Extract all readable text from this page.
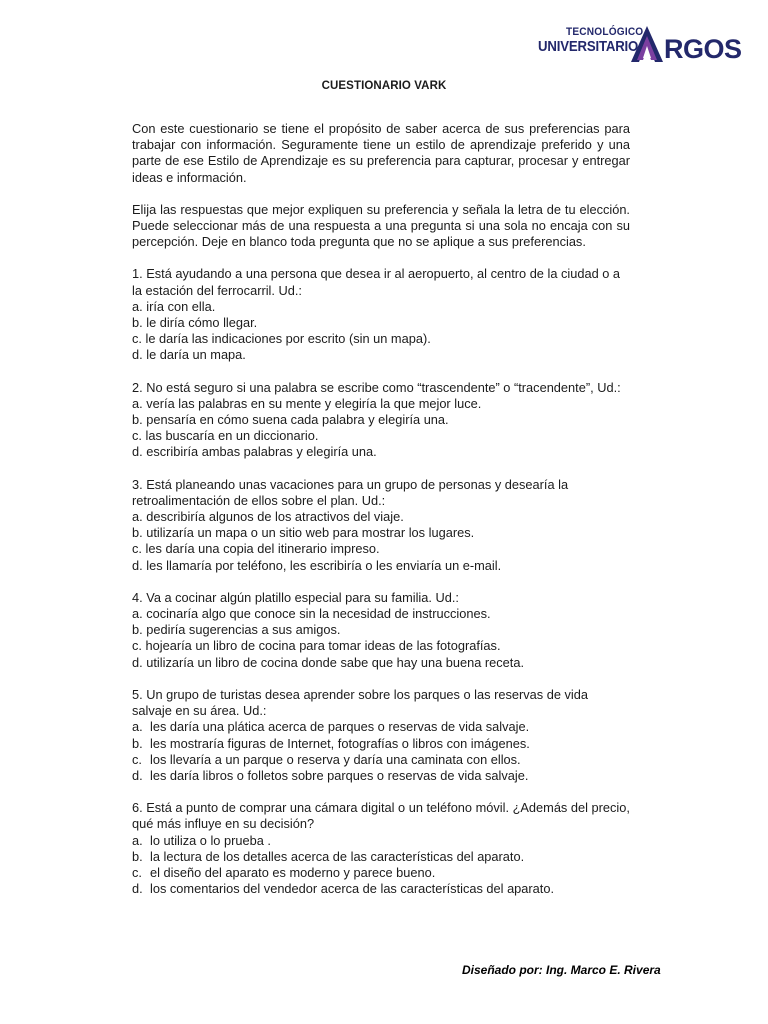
TECNOLÓGICO
UNIVERSITARIO RGOS
CUESTIONARIO VARK

Con este cuestionario se tiene el propósito de saber acerca de sus preferencias para trabajar con información. Seguramente tiene un estilo de aprendizaje preferido y una parte de ese Estilo de Aprendizaje es su preferencia para capturar, procesar y entregar ideas e información.

Elija las respuestas que mejor expliquen su preferencia y señala la letra de tu elección. Puede seleccionar más de una respuesta a una pregunta si una sola no encaja con su percepción. Deje en blanco toda pregunta que no se aplique a sus preferencias.

1. Está ayudando a una persona que desea ir al aeropuerto, al centro de la ciudad o a la estación del ferrocarril. Ud.:

a. iría con ella.
b. le diría cómo llegar.
c. le daría las indicaciones por escrito (sin un mapa).
d. le daría un mapa.

2. No está seguro si una palabra se escribe como “trascendente” o “tracendente”, Ud.:

a. vería las palabras en su mente y elegiría la que mejor luce.
b. pensaría en cómo suena cada palabra y elegiría una.
c. las buscaría en un diccionario.
d. escribiría ambas palabras y elegiría una.

3. Está planeando unas vacaciones para un grupo de personas y desearía la retroalimentación de ellos sobre el plan. Ud.:

a. describiría algunos de los atractivos del viaje.
b. utilizaría un mapa o un sitio web para mostrar los lugares.
c. les daría una copia del itinerario impreso.
d. les llamaría por teléfono, les escribiría o les enviaría un e-mail.

4. Va a cocinar algún platillo especial para su familia. Ud.:

a. cocinaría algo que conoce sin la necesidad de instrucciones.
b. pediría sugerencias a sus amigos.
c. hojearía un libro de cocina para tomar ideas de las fotografías.
d. utilizaría un libro de cocina donde sabe que hay una buena receta.

5. Un grupo de turistas desea aprender sobre los parques o las reservas de vida salvaje en su área. Ud.:

a. les daría una plática acerca de parques o reservas de vida salvaje.
b. les mostraría figuras de Internet, fotografías o libros con imágenes.
c. los llevaría a un parque o reserva y daría una caminata con ellos.
d. les daría libros o folletos sobre parques o reservas de vida salvaje.

6. Está a punto de comprar una cámara digital o un teléfono móvil. ¿Además del precio, qué más influye en su decisión?

a. lo utiliza o lo prueba .
b. la lectura de los detalles acerca de las características del aparato.
c. el diseño del aparato es moderno y parece bueno.
d. los comentarios del vendedor acerca de las características del aparato.
Diseñado por: Ing. Marco E. Rivera
